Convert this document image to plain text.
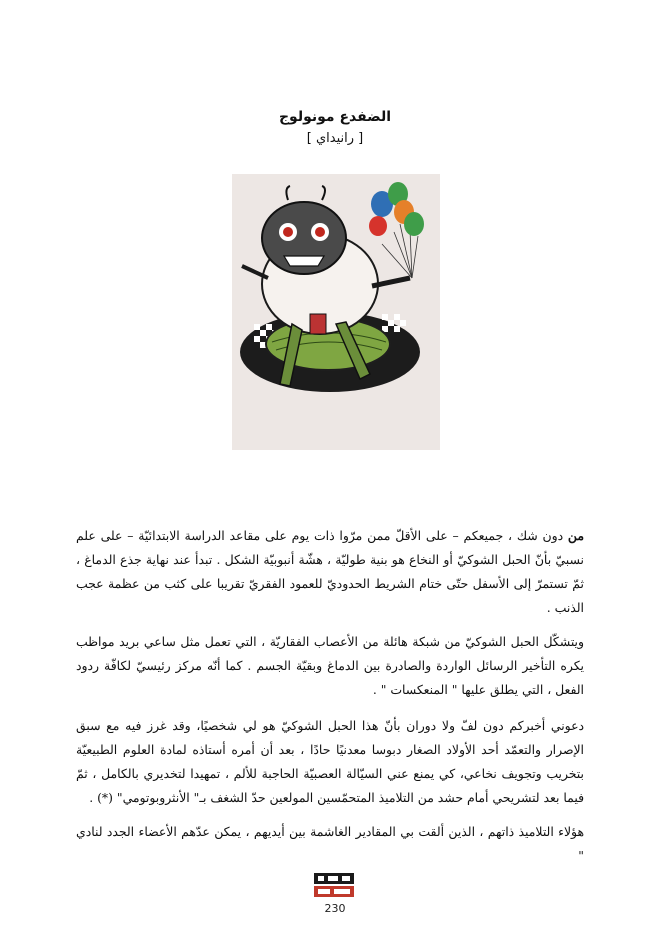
الضفدع مونولوج
[ رانيداي ]
من دون شك ، جميعكم – على الأقلّ ممن مرّوا ذات يوم على مقاعد الدراسة الابتدائيّة – على علم نسبيّ بأنّ الحبل الشوكيّ أو النخاع هو بنية طوليّة ، هشّة أنبوبيّة الشكل . تبدأ عند نهاية جذع الدماغ ، ثمّ تستمرّ إلى الأسفل حتّى ختام الشريط الحدوديّ للعمود الفقريّ تقريبا على كثب من عظمة عجب الذنب .
ويتشكّل الحبل الشوكيّ من شبكة هائلة من الأعصاب الفقاريّة ، التي تعمل مثل ساعي بريد مواظب يكره التأخير الرسائل الواردة والصادرة بين الدماغ وبقيّة الجسم . كما أنّه مركز رئيسيّ لكافّة ردود الفعل ، التي يطلق عليها " المنعكسات " .
دعوني أخبركم دون لفّ ولا دوران بأنّ هذا الحبل الشوكيّ هو لي شخصيًا، وقد غرز فيه مع سبق الإصرار والتعمّد أحد الأولاد الصغار دبوسا معدنيًا حادًا ، بعد أن أمره أستاذه لمادة العلوم الطبيعيّة بتخريب وتجويف نخاعي، كي يمنع عني السيّالة العصبيّة الحاجبة للألم ، تمهيدا لتخديري بالكامل ، ثمّ فيما بعد لتشريحي أمام حشد من التلاميذ المتحمّسين المولعين حدّ الشغف بـ" الأنثروبوتومي" (*) .
هؤلاء التلاميذ ذاتهم ، الذين ألقت بي المقادير الغاشمة بين أيديهم ، يمكن عدّهم الأعضاء الجدد لنادي "
230
